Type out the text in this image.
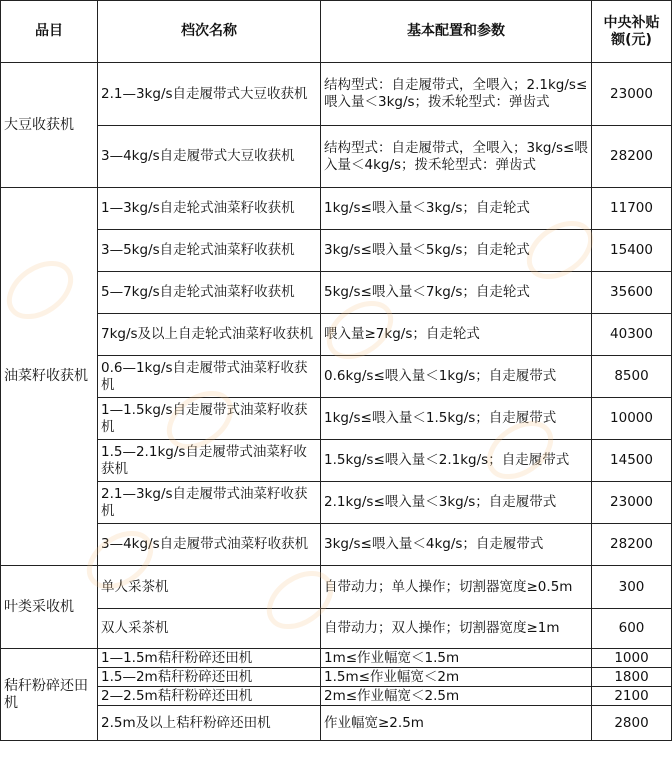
品目	档次名称	基本配置和参数	中央补贴
额(元)
大豆收获机	2.1—3kg/s自走履带式大豆收获机	结构型式：自走履带式，全喂入；2.1kg/s≤喂入量＜3kg/s；拨禾轮型式：弹齿式	23000
	3—4kg/s自走履带式大豆收获机	结构型式：自走履带式，全喂入；3kg/s≤喂入量＜4kg/s；拨禾轮型式：弹齿式	28200
油菜籽收获机	1—3kg/s自走轮式油菜籽收获机	1kg/s≤喂入量＜3kg/s；自走轮式	11700
	3—5kg/s自走轮式油菜籽收获机	3kg/s≤喂入量＜5kg/s；自走轮式	15400
	5—7kg/s自走轮式油菜籽收获机	5kg/s≤喂入量＜7kg/s；自走轮式	35600
	7kg/s及以上自走轮式油菜籽收获机	喂入量≥7kg/s；自走轮式	40300
	0.6—1kg/s自走履带式油菜籽收获机	0.6kg/s≤喂入量＜1kg/s；自走履带式	8500
	1—1.5kg/s自走履带式油菜籽收获机	1kg/s≤喂入量＜1.5kg/s；自走履带式	10000
	1.5—2.1kg/s自走履带式油菜籽收获机	1.5kg/s≤喂入量＜2.1kg/s；自走履带式	14500
	2.1—3kg/s自走履带式油菜籽收获机	2.1kg/s≤喂入量＜3kg/s；自走履带式	23000
	3—4kg/s自走履带式油菜籽收获机	3kg/s≤喂入量＜4kg/s；自走履带式	28200
叶类采收机	单人采茶机	自带动力；单人操作；切割器宽度≥0.5m	300
	双人采茶机	自带动力；双人操作；切割器宽度≥1m	600
秸秆粉碎还田机	1—1.5m秸秆粉碎还田机	1m≤作业幅宽＜1.5m	1000
	1.5—2m秸秆粉碎还田机	1.5m≤作业幅宽＜2m	1800
	2—2.5m秸秆粉碎还田机	2m≤作业幅宽＜2.5m	2100
	2.5m及以上秸秆粉碎还田机	作业幅宽≥2.5m	2800
